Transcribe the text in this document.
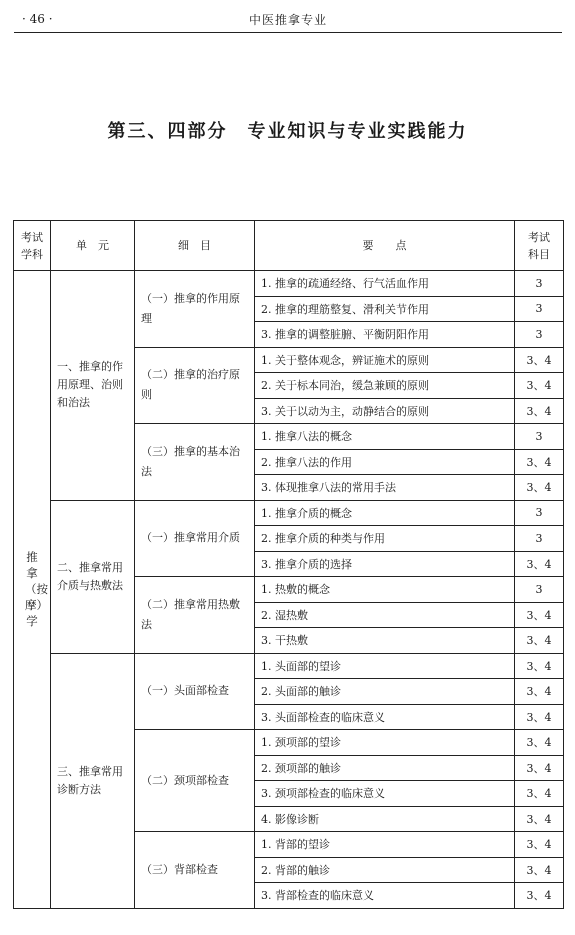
· 46 ·	中医推拿专业
第三、四部分　专业知识与专业实践能力
考试学科	单　元	细　目	要　　点	考试科目
推拿（按摩）学	一、推拿的作用原理、治则和治法	（一）推拿的作用原理	1. 推拿的疏通经络、行气活血作用	3
			2. 推拿的理筋整复、滑利关节作用	3
			3. 推拿的调整脏腑、平衡阴阳作用	3
		（二）推拿的治疗原则	1. 关于整体观念，辨证施术的原则	3、4
			2. 关于标本同治，缓急兼顾的原则	3、4
			3. 关于以动为主，动静结合的原则	3、4
		（三）推拿的基本治法	1. 推拿八法的概念	3
			2. 推拿八法的作用	3、4
			3. 体现推拿八法的常用手法	3、4
	二、推拿常用介质与热敷法	（一）推拿常用介质	1. 推拿介质的概念	3
			2. 推拿介质的种类与作用	3
			3. 推拿介质的选择	3、4
		（二）推拿常用热敷法	1. 热敷的概念	3
			2. 湿热敷	3、4
			3. 干热敷	3、4
	三、推拿常用诊断方法	（一）头面部检查	1. 头面部的望诊	3、4
			2. 头面部的触诊	3、4
			3. 头面部检查的临床意义	3、4
		（二）颈项部检查	1. 颈项部的望诊	3、4
			2. 颈项部的触诊	3、4
			3. 颈项部检查的临床意义	3、4
			4. 影像诊断	3、4
		（三）背部检查	1. 背部的望诊	3、4
			2. 背部的触诊	3、4
			3. 背部检查的临床意义	3、4
